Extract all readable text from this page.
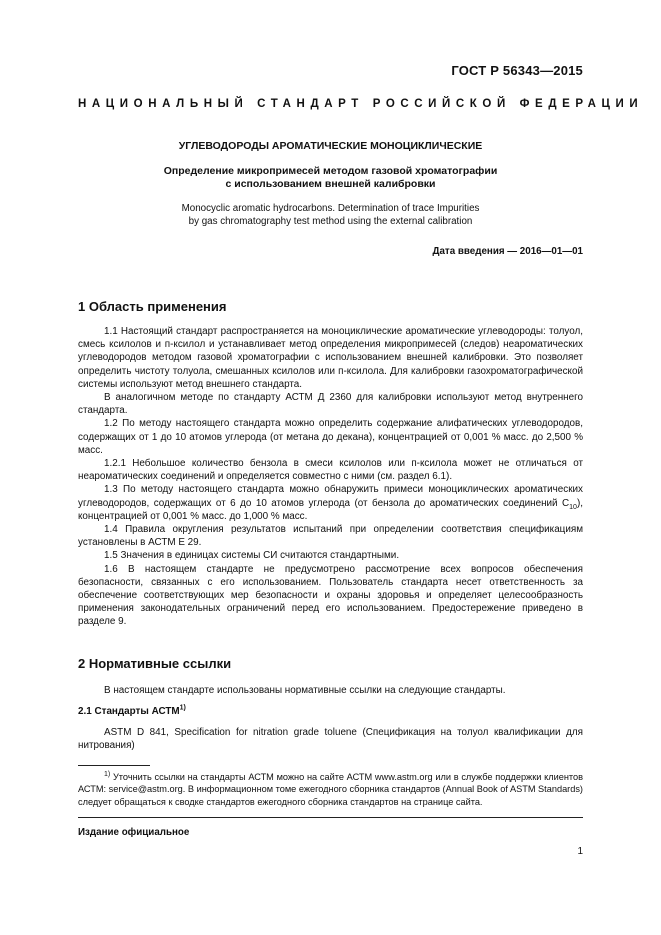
ГОСТ Р 56343—2015
НАЦИОНАЛЬНЫЙ СТАНДАРТ РОССИЙСКОЙ ФЕДЕРАЦИИ
УГЛЕВОДОРОДЫ АРОМАТИЧЕСКИЕ МОНОЦИКЛИЧЕСКИЕ
Определение микропримесей методом газовой хроматографии
с использованием внешней калибровки
Monocyclic aromatic hydrocarbons. Determination of trace Impurities
by gas chromatography test method using the external calibration
Дата введения — 2016—01—01
1 Область применения

1.1 Настоящий стандарт распространяется на моноциклические ароматические углеводороды: толуол, смесь ксилолов и п-ксилол и устанавливает метод определения микропримесей (следов) неароматических углеводородов методом газовой хроматографии с использованием внешней калибровки. Это позволяет определить чистоту толуола, смешанных ксилолов или п-ксилола. Для калибровки газохроматографической системы используют метод внешнего стандарта.

В аналогичном методе по стандарту АСТМ Д 2360 для калибровки используют метод внутреннего стандарта.

1.2 По методу настоящего стандарта можно определить содержание алифатических углеводородов, содержащих от 1 до 10 атомов углерода (от метана до декана), концентрацией от 0,001 % масс. до 2,500 % масс.

1.2.1 Небольшое количество бензола в смеси ксилолов или п-ксилола может не отличаться от неароматических соединений и определяется совместно с ними (см. раздел 6.1).

1.3 По методу настоящего стандарта можно обнаружить примеси моноциклических ароматических углеводородов, содержащих от 6 до 10 атомов углерода (от бензола до ароматических соединений $С_{10}$), концентрацией от 0,001 % масс. до 1,000 % масс.

1.4 Правила округления результатов испытаний при определении соответствия спецификациям установлены в АСТМ Е 29.

1.5 Значения в единицах системы СИ считаются стандартными.

1.6 В настоящем стандарте не предусмотрено рассмотрение всех вопросов обеспечения безопасности, связанных с его использованием. Пользователь стандарта несет ответственность за обеспечение соответствующих мер безопасности и охраны здоровья и определяет целесообразность применения законодательных ограничений перед его использованием. Предостережение приведено в разделе 9.

2 Нормативные ссылки

В настоящем стандарте использованы нормативные ссылки на следующие стандарты.

2.1 Стандарты АСТМ$^{1)}$

ASTM D 841, Specification for nitration grade toluene (Спецификация на толуол квалификации для нитрования)

$^{1)}$ Уточнить ссылки на стандарты АСТМ можно на сайте АСТМ www.astm.org или в службе поддержки клиентов АСТМ: service@astm.org. В информационном томе ежегодного сборника стандартов (Annual Book of ASTM Standards) следует обращаться к сводке стандартов ежегодного сборника стандартов на странице сайта.

Издание официальное
1
